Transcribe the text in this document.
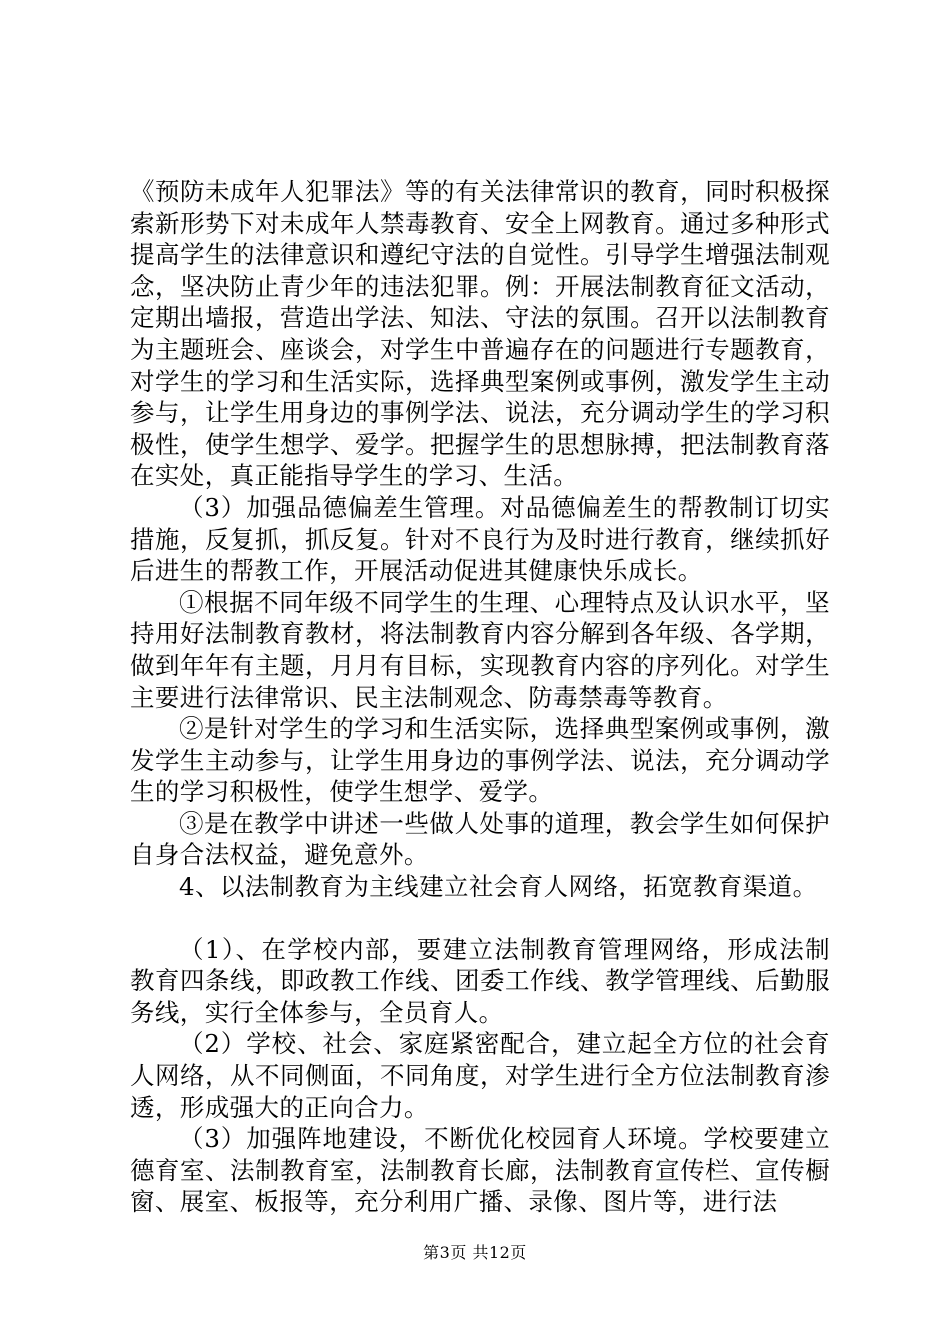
《预防未成年人犯罪法》等的有关法律常识的教育，同时积极探索新形势下对未成年人禁毒教育、安全上网教育。通过多种形式提高学生的法律意识和遵纪守法的自觉性。引导学生增强法制观念，坚决防止青少年的违法犯罪。例：开展法制教育征文活动，定期出墙报，营造出学法、知法、守法的氛围。召开以法制教育为主题班会、座谈会，对学生中普遍存在的问题进行专题教育，对学生的学习和生活实际，选择典型案例或事例，激发学生主动参与，让学生用身边的事例学法、说法，充分调动学生的学习积极性，使学生想学、爱学。把握学生的思想脉搏，把法制教育落在实处，真正能指导学生的学习、生活。

（3）加强品德偏差生管理。对品德偏差生的帮教制订切实措施，反复抓，抓反复。针对不良行为及时进行教育，继续抓好后进生的帮教工作，开展活动促进其健康快乐成长。

①根据不同年级不同学生的生理、心理特点及认识水平，坚持用好法制教育教材，将法制教育内容分解到各年级、各学期，做到年年有主题，月月有目标，实现教育内容的序列化。对学生主要进行法律常识、民主法制观念、防毒禁毒等教育。

②是针对学生的学习和生活实际，选择典型案例或事例，激发学生主动参与，让学生用身边的事例学法、说法，充分调动学生的学习积极性，使学生想学、爱学。

③是在教学中讲述一些做人处事的道理，教会学生如何保护自身合法权益，避免意外。

4、以法制教育为主线建立社会育人网络，拓宽教育渠道。

（1）、在学校内部，要建立法制教育管理网络，形成法制教育四条线，即政教工作线、团委工作线、教学管理线、后勤服务线，实行全体参与，全员育人。

（2）学校、社会、家庭紧密配合，建立起全方位的社会育人网络，从不同侧面，不同角度，对学生进行全方位法制教育渗透，形成强大的正向合力。

（3）加强阵地建设，不断优化校园育人环境。学校要建立德育室、法制教育室，法制教育长廊，法制教育宣传栏、宣传橱窗、展室、板报等，充分利用广播、录像、图片等，进行法

第3页 共12页
